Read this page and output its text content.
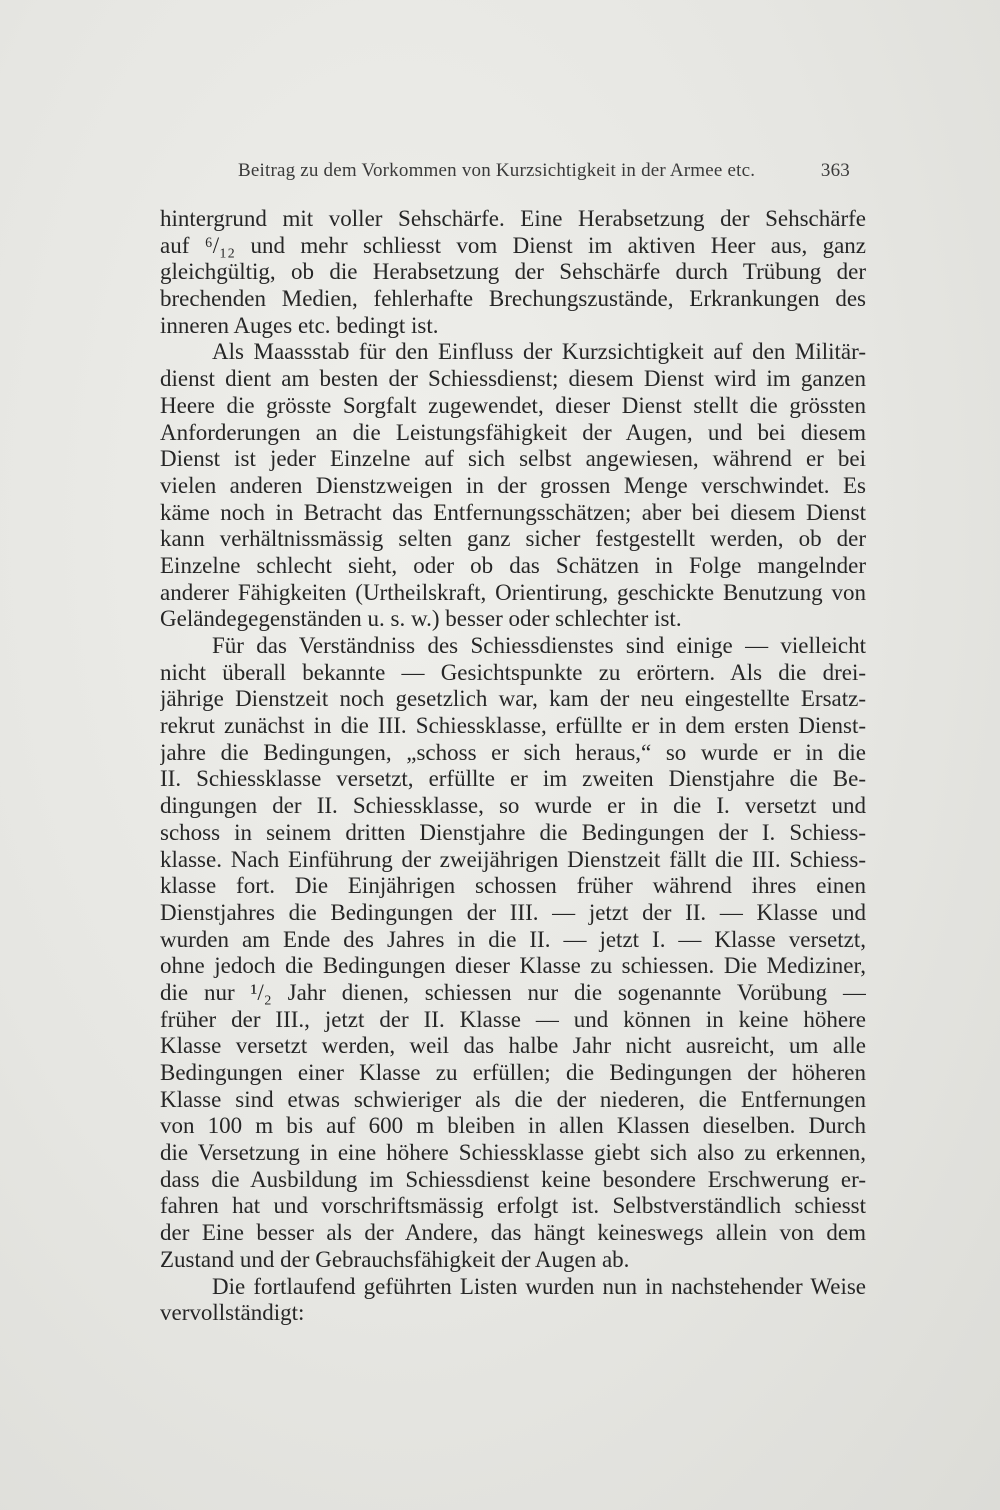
Beitrag zu dem Vorkommen von Kurzsichtigkeit in der Armee etc.	363
hintergrund mit voller Sehschärfe. Eine Herabsetzung der Sehschärfe
auf ⁶/₁₂ und mehr schliesst vom Dienst im aktiven Heer aus, ganz
gleichgültig, ob die Herabsetzung der Sehschärfe durch Trübung der
brechenden Medien, fehlerhafte Brechungszustände, Erkrankungen des
inneren Auges etc. bedingt ist.
Als Maassstab für den Einfluss der Kurzsichtigkeit auf den Militär-
dienst dient am besten der Schiessdienst; diesem Dienst wird im ganzen
Heere die grösste Sorgfalt zugewendet, dieser Dienst stellt die grössten
Anforderungen an die Leistungsfähigkeit der Augen, und bei diesem
Dienst ist jeder Einzelne auf sich selbst angewiesen, während er bei
vielen anderen Dienstzweigen in der grossen Menge verschwindet. Es
käme noch in Betracht das Entfernungsschätzen; aber bei diesem Dienst
kann verhältnissmässig selten ganz sicher festgestellt werden, ob der
Einzelne schlecht sieht, oder ob das Schätzen in Folge mangelnder
anderer Fähigkeiten (Urtheilskraft, Orientirung, geschickte Benutzung von
Geländegegenständen u. s. w.) besser oder schlechter ist.
Für das Verständniss des Schiessdienstes sind einige — vielleicht
nicht überall bekannte — Gesichtspunkte zu erörtern. Als die drei-
jährige Dienstzeit noch gesetzlich war, kam der neu eingestellte Ersatz-
rekrut zunächst in die III. Schiessklasse, erfüllte er in dem ersten Dienst-
jahre die Bedingungen, „schoss er sich heraus,“ so wurde er in die
II. Schiessklasse versetzt, erfüllte er im zweiten Dienstjahre die Be-
dingungen der II. Schiessklasse, so wurde er in die I. versetzt und
schoss in seinem dritten Dienstjahre die Bedingungen der I. Schiess-
klasse. Nach Einführung der zweijährigen Dienstzeit fällt die III. Schiess-
klasse fort. Die Einjährigen schossen früher während ihres einen
Dienstjahres die Bedingungen der III. — jetzt der II. — Klasse und
wurden am Ende des Jahres in die II. — jetzt I. — Klasse versetzt,
ohne jedoch die Bedingungen dieser Klasse zu schiessen. Die Mediziner,
die nur ¹/₂ Jahr dienen, schiessen nur die sogenannte Vorübung —
früher der III., jetzt der II. Klasse — und können in keine höhere
Klasse versetzt werden, weil das halbe Jahr nicht ausreicht, um alle
Bedingungen einer Klasse zu erfüllen; die Bedingungen der höheren
Klasse sind etwas schwieriger als die der niederen, die Entfernungen
von 100 m bis auf 600 m bleiben in allen Klassen dieselben. Durch
die Versetzung in eine höhere Schiessklasse giebt sich also zu erkennen,
dass die Ausbildung im Schiessdienst keine besondere Erschwerung er-
fahren hat und vorschriftsmässig erfolgt ist. Selbstverständlich schiesst
der Eine besser als der Andere, das hängt keineswegs allein von dem
Zustand und der Gebrauchsfähigkeit der Augen ab.
Die fortlaufend geführten Listen wurden nun in nachstehender Weise
vervollständigt:
